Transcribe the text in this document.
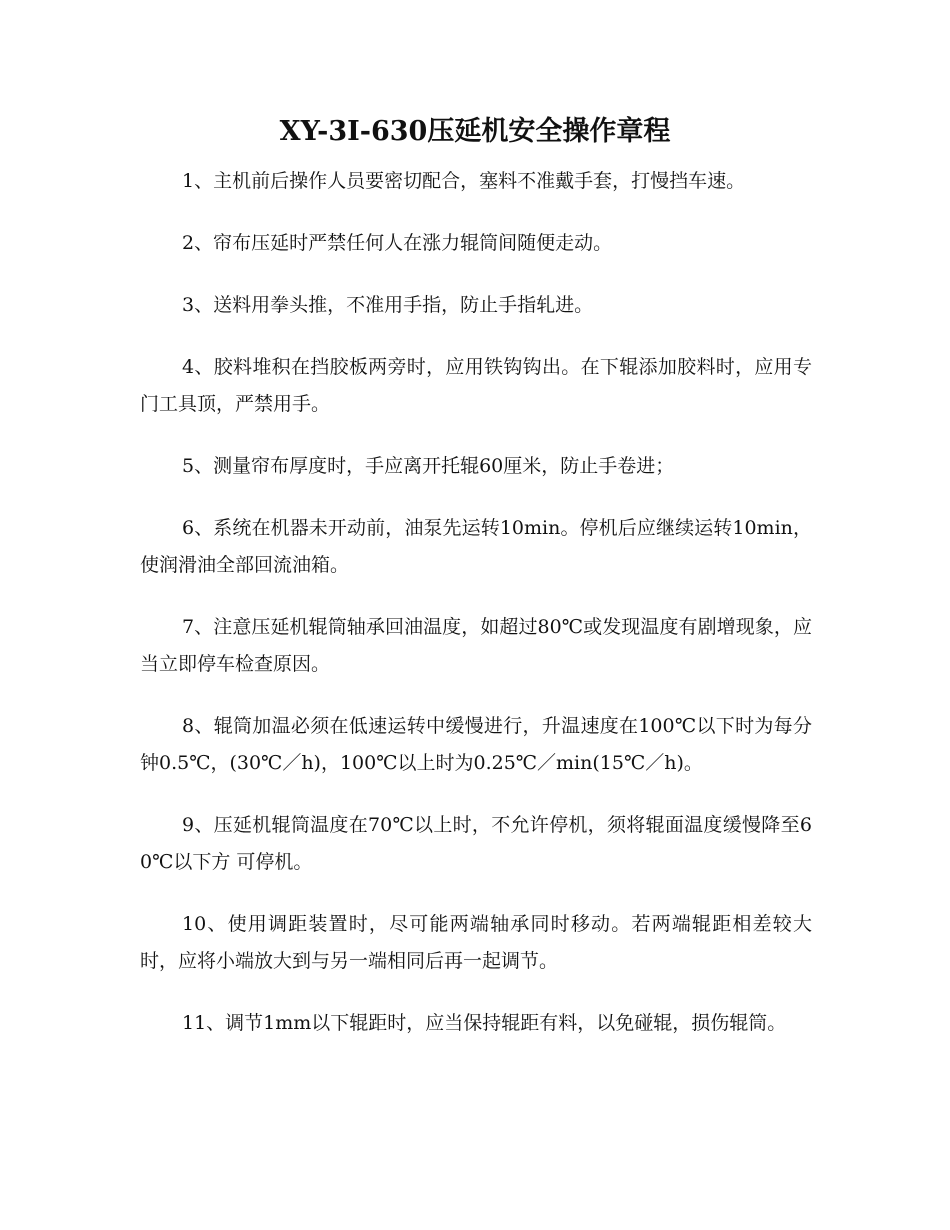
XY-3I-630压延机安全操作章程

1、主机前后操作人员要密切配合，塞料不准戴手套，打慢挡车速。

2、帘布压延时严禁任何人在涨力辊筒间随便走动。

3、送料用拳头推，不准用手指，防止手指轧进。

4、胶料堆积在挡胶板两旁时，应用铁钩钩出。在下辊添加胶料时，应用专门工具顶，严禁用手。

5、测量帘布厚度时，手应离开托辊60厘米，防止手卷进；

6、系统在机器未开动前，油泵先运转10min。停机后应继续运转10min，使润滑油全部回流油箱。

7、注意压延机辊筒轴承回油温度，如超过80℃或发现温度有剧增现象，应当立即停车检查原因。

8、辊筒加温必须在低速运转中缓慢进行，升温速度在100℃以下时为每分钟0.5℃，(30℃／h)，100℃以上时为0.25℃／min(15℃／h)。

9、压延机辊筒温度在70℃以上时，不允许停机，须将辊面温度缓慢降至60℃以下方 可停机。

10、使用调距装置时，尽可能两端轴承同时移动。若两端辊距相差较大时，应将小端放大到与另一端相同后再一起调节。

11、调节1mm以下辊距时，应当保持辊距有料，以免碰辊，损伤辊筒。
